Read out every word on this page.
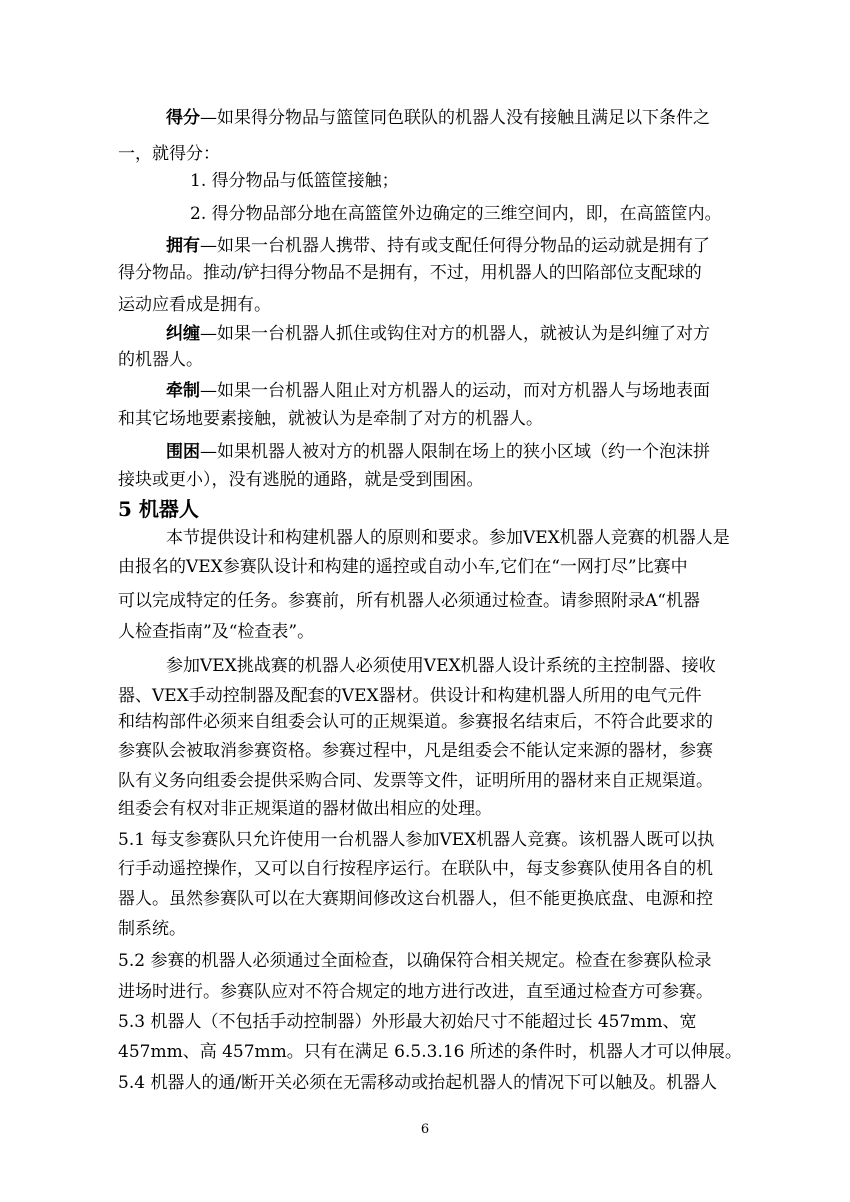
得分—如果得分物品与篮筐同色联队的机器人没有接触且满足以下条件之
一，就得分：
1. 得分物品与低篮筐接触；
2. 得分物品部分地在高篮筐外边确定的三维空间内，即，在高篮筐内。
拥有—如果一台机器人携带、持有或支配任何得分物品的运动就是拥有了
得分物品。推动/铲扫得分物品不是拥有，不过，用机器人的凹陷部位支配球的
运动应看成是拥有。
纠缠—如果一台机器人抓住或钩住对方的机器人，就被认为是纠缠了对方
的机器人。
牵制—如果一台机器人阻止对方机器人的运动，而对方机器人与场地表面
和其它场地要素接触，就被认为是牵制了对方的机器人。
围困—如果机器人被对方的机器人限制在场上的狭小区域（约一个泡沫拼
接块或更小），没有逃脱的通路，就是受到围困。
5 机器人
本节提供设计和构建机器人的原则和要求。参加VEX机器人竞赛的机器人是
由报名的VEX参赛队设计和构建的遥控或自动小车,它们在“一网打尽”比赛中
可以完成特定的任务。参赛前，所有机器人必须通过检查。请参照附录A“机器
人检查指南”及“检查表”。
参加VEX挑战赛的机器人必须使用VEX机器人设计系统的主控制器、接收
器、VEX手动控制器及配套的VEX器材。供设计和构建机器人所用的电气元件
和结构部件必须来自组委会认可的正规渠道。参赛报名结束后，不符合此要求的
参赛队会被取消参赛资格。参赛过程中，凡是组委会不能认定来源的器材，参赛
队有义务向组委会提供采购合同、发票等文件，证明所用的器材来自正规渠道。
组委会有权对非正规渠道的器材做出相应的处理。
5.1 每支参赛队只允许使用一台机器人参加VEX机器人竞赛。该机器人既可以执
行手动遥控操作，又可以自行按程序运行。在联队中，每支参赛队使用各自的机
器人。虽然参赛队可以在大赛期间修改这台机器人，但不能更换底盘、电源和控
制系统。
5.2 参赛的机器人必须通过全面检查，以确保符合相关规定。检查在参赛队检录
进场时进行。参赛队应对不符合规定的地方进行改进，直至通过检查方可参赛。
5.3 机器人（不包括手动控制器）外形最大初始尺寸不能超过长 457mm、宽
457mm、高 457mm。只有在满足 6.5.3.16 所述的条件时，机器人才可以伸展。
5.4 机器人的通/断开关必须在无需移动或抬起机器人的情况下可以触及。机器人
6
